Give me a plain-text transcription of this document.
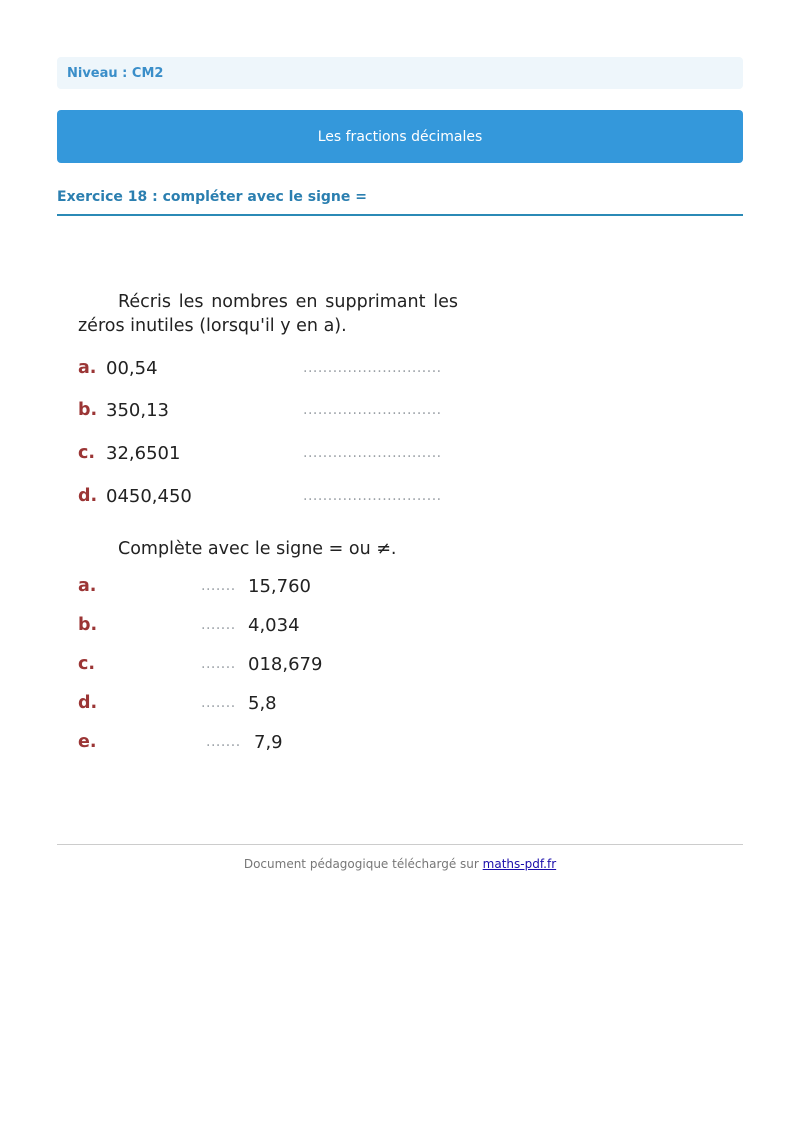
Niveau : CM2
Les fractions décimales
Exercice 18 : compléter avec le signe =
Récris les nombres en supprimant les zéros inutiles (lorsqu'il y en a).
a. 00,54	............................
b. 350,13	............................
c. 32,6501	............................
d. 0450,450	............................
Complète avec le signe = ou ≠.
a.	....... 15,760
b.	....... 4,034
c.	....... 018,679
d.	....... 5,8
e.	....... 7,9
Document pédagogique téléchargé sur maths-pdf.fr
